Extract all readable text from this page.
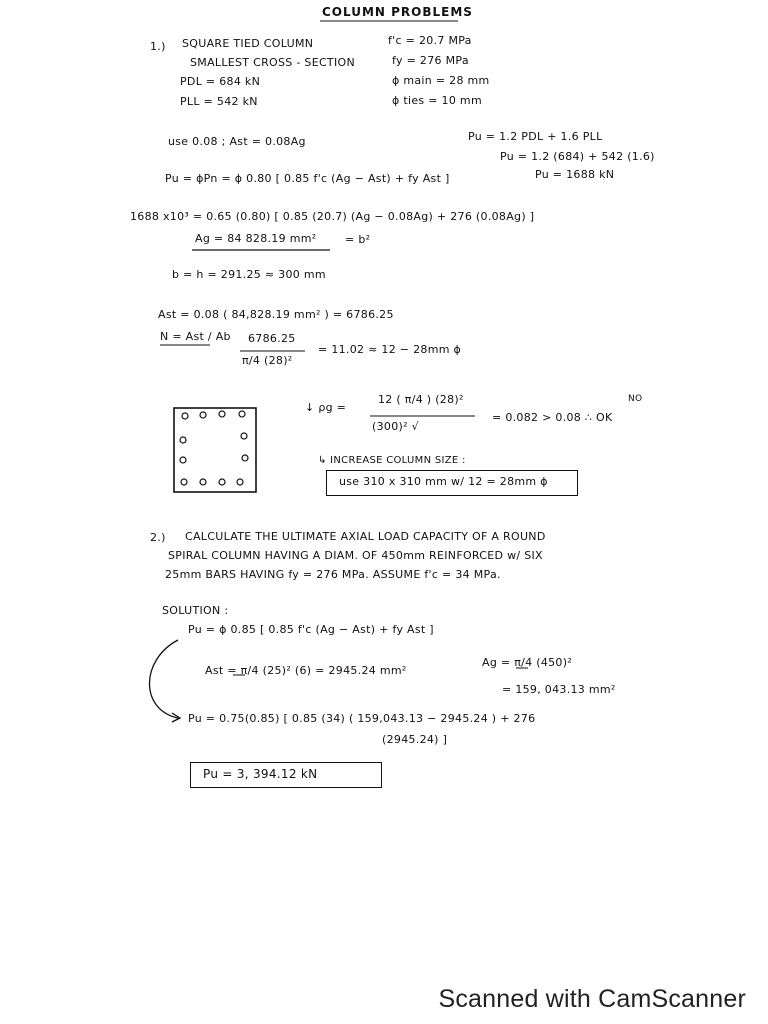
COLUMN PROBLEMS
1.) SQUARE TIED COLUMN
SMALLEST CROSS - SECTION
PDL = 684 kN
PLL = 542 kN
f'c = 20.7 MPa
fy = 276 MPa
ϕ main = 28 mm
ϕ ties = 10 mm
use 0.08 ; Ast = 0.08Ag	Pu = 1.2 PDL + 1.6 PLL
Pu = 1.2 (684) + 542 (1.6)
Pu = 1688 kN
Pu = ϕPn = ϕ 0.80 [ 0.85 f'c (Ag − Ast) + fy Ast ]
1688 x10³ = 0.65 (0.80) [ 0.85 (20.7) (Ag − 0.08Ag) + 276 (0.08Ag) ]
Ag = 84 828.19 mm²	= b²
b = h = 291.25 ≈ 300 mm
Ast = 0.08 ( 84,828.19 mm² ) = 6786.25
N = Ast / Ab 6786.25
π/4 (28)²
= 11.02 ≈ 12 − 28mm ϕ
↓ ρg =
12 ( π/4 ) (28)²
(300)² √
= 0.082 > 0.08 ∴ OK
NO
↳ INCREASE COLUMN SIZE :
use 310 x 310 mm w/ 12 = 28mm ϕ
2.) CALCULATE THE ULTIMATE AXIAL LOAD CAPACITY OF A ROUND
SPIRAL COLUMN HAVING A DIAM. OF 450mm REINFORCED w/ SIX
25mm BARS HAVING fy = 276 MPa. ASSUME f'c = 34 MPa.
SOLUTION :
Pu = ϕ 0.85 [ 0.85 f'c (Ag − Ast) + fy Ast ]
Ast = π/4 (25)² (6) = 2945.24 mm²
Ag = π/4 (450)²
= 159, 043.13 mm²
Pu = 0.75(0.85) [ 0.85 (34) ( 159,043.13 − 2945.24 ) + 276
(2945.24) ]
Pu = 3, 394.12 kN
Scanned with CamScanner
